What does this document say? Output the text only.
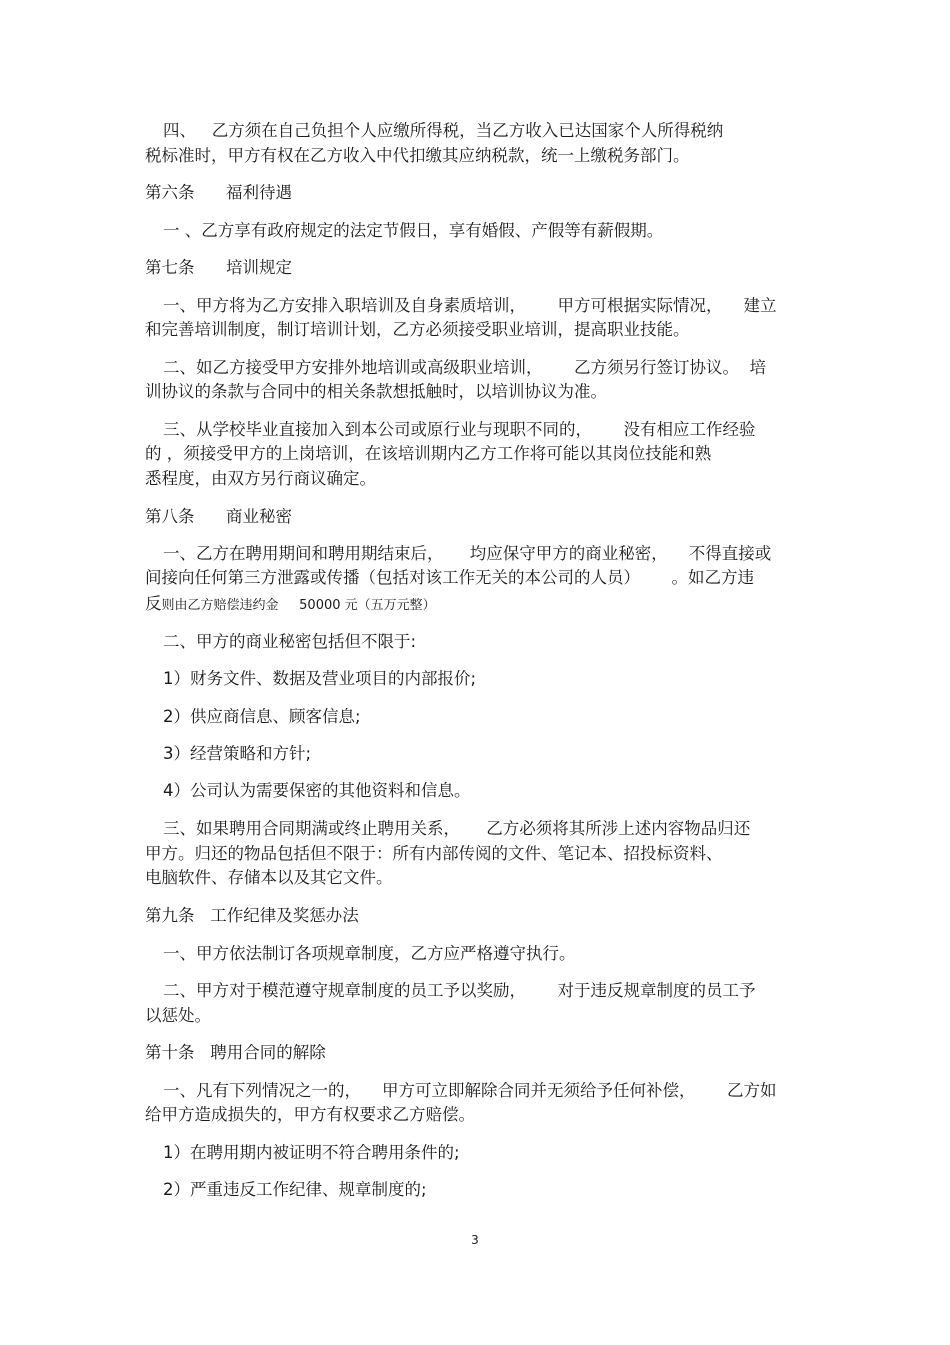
四、   乙方须在自己负担个人应缴所得税，当乙方收入已达国家个人所得税纳
税标准时，甲方有权在乙方收入中代扣缴其应纳税款，统一上缴税务部门。
第六条      福利待遇
一 、乙方享有政府规定的法定节假日，享有婚假、产假等有薪假期。
第七条      培训规定
一、甲方将为乙方安排入职培训及自身素质培训，      甲方可根据实际情况，    建立
和完善培训制度，制订培训计划，乙方必须接受职业培训，提高职业技能。
二、如乙方接受甲方安排外地培训或高级职业培训，      乙方须另行签订协议。  培
训协议的条款与合同中的相关条款想抵触时，以培训协议为准。
三、从学校毕业直接加入到本公司或原行业与现职不同的，      没有相应工作经验
的 ，须接受甲方的上岗培训，在该培训期内乙方工作将可能以其岗位技能和熟
悉程度，由双方另行商议确定。
第八条      商业秘密
一、乙方在聘用期间和聘用期结束后，     均应保守甲方的商业秘密，    不得直接或
间接向任何第三方泄露或传播（包括对该工作无关的本公司的人员）      。如乙方违
反则由乙方赔偿违约金     50000 元（五万元整）
二、甲方的商业秘密包括但不限于:
1）财务文件、数据及营业项目的内部报价;
2）供应商信息、顾客信息;
3）经营策略和方针;
4）公司认为需要保密的其他资料和信息。
三、如果聘用合同期满或终止聘用关系，     乙方必须将其所涉上述内容物品归还
甲方。归还的物品包括但不限于：所有内部传阅的文件、笔记本、招投标资料、
电脑软件、存储本以及其它文件。
第九条   工作纪律及奖惩办法
一、甲方依法制订各项规章制度，乙方应严格遵守执行。
二、甲方对于模范遵守规章制度的员工予以奖励，      对于违反规章制度的员工予
以惩处。
第十条   聘用合同的解除
一、凡有下列情况之一的，    甲方可立即解除合同并无须给予任何补偿，      乙方如
给甲方造成损失的，甲方有权要求乙方赔偿。
1）在聘用期内被证明不符合聘用条件的;
2）严重违反工作纪律、规章制度的;
3
